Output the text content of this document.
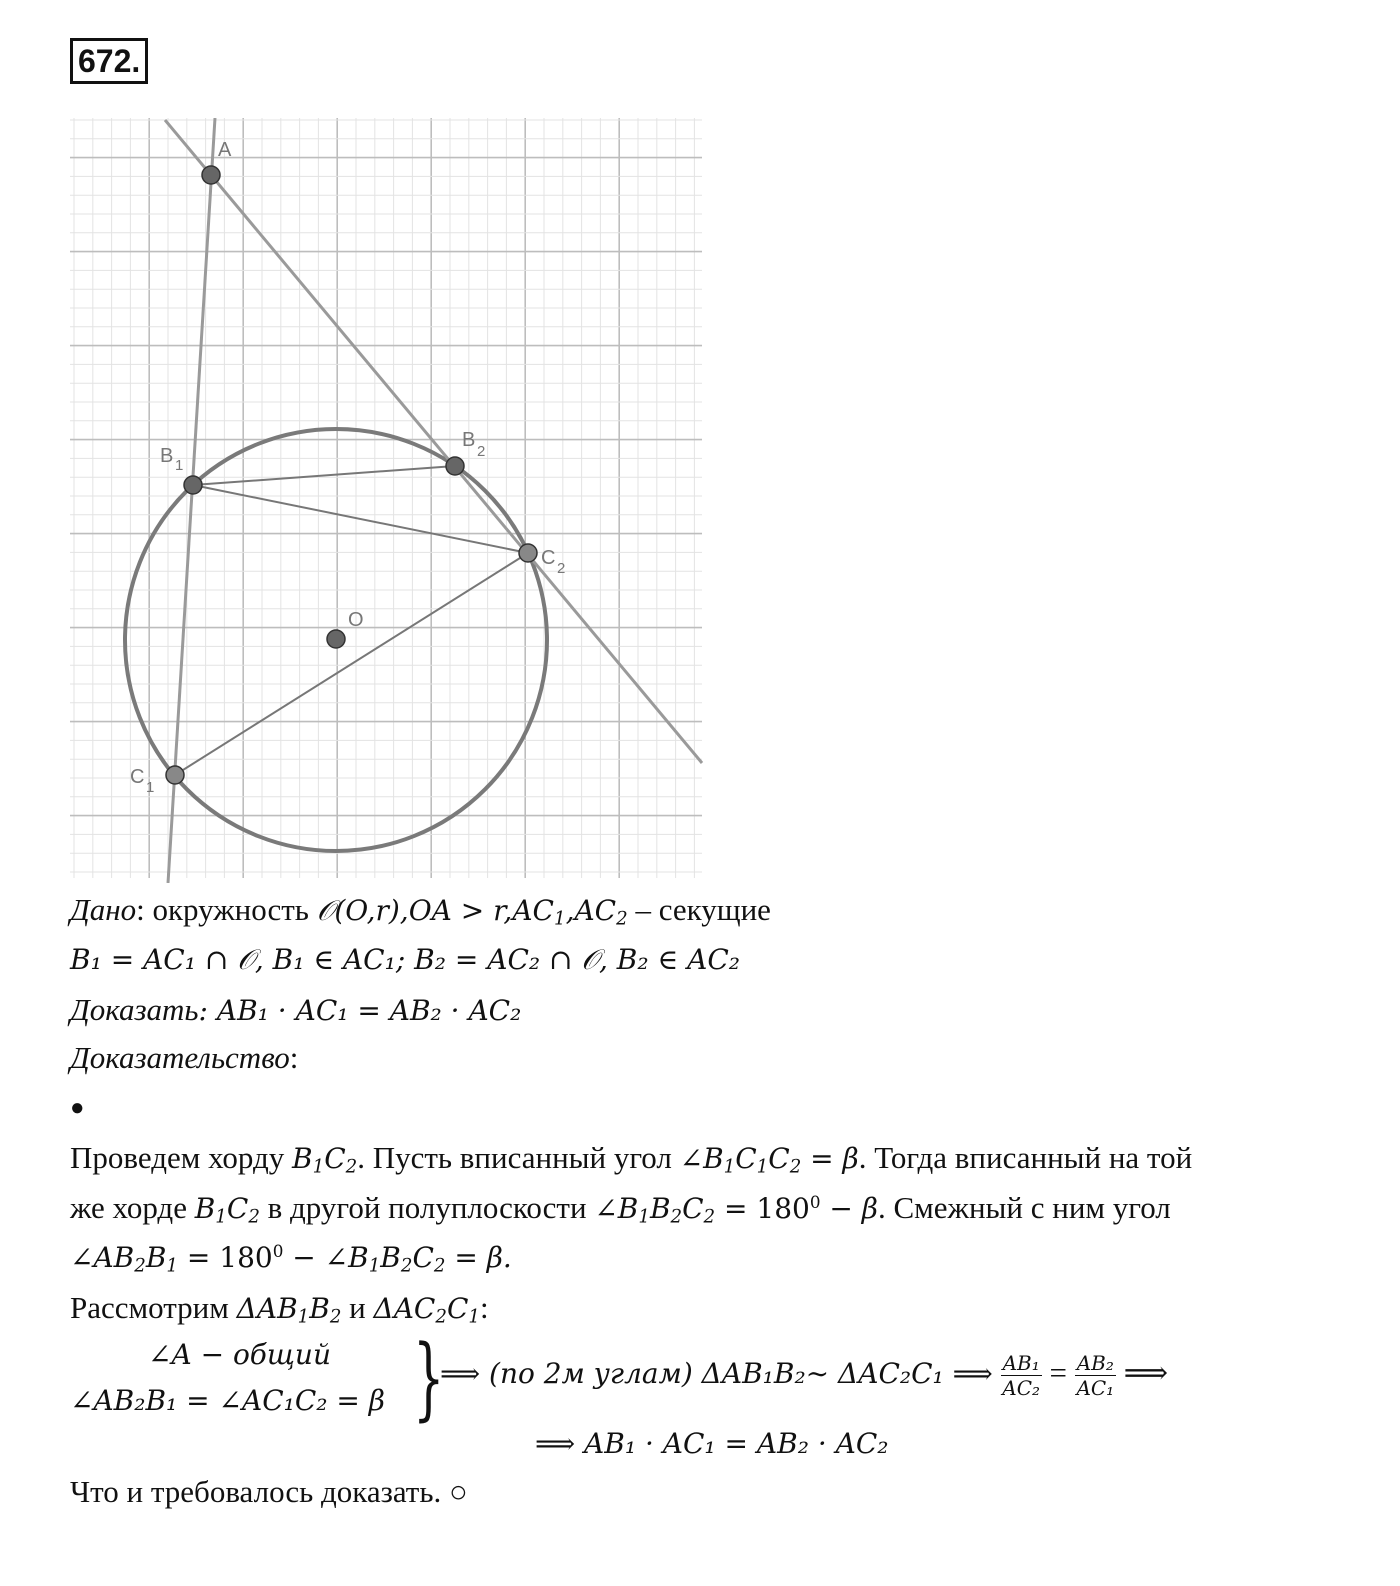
672.
A
B 1
B
2
C 2
O
C 1
Дано: окружность 𝒪(O,r),OA > $r,AC_1,AC_2$ – секущие
B₁ = AC₁ ∩ 𝒪, B₁ ∈ AC₁; B₂ = AC₂ ∩ 𝒪, B₂ ∈ AC₂
Доказать: AB₁ · AC₁ = AB₂ · AC₂
Доказательство:
●
Проведем хорду $B_1C_2$. Пусть вписанный угол $\angle B_1C_1C_2 = \beta$. Тогда вписанный на той
же хорде $B_1C_2$ в другой полуплоскости $\angle B_1B_2C_2 = 180^0 - \beta$. Смежный с ним угол
$\angle AB_2B_1 = 180^0$ − $\angle B_1B_2C_2 = \beta$.
Рассмотрим $\Delta AB_1B_2$ и $\Delta AC_2C_1$:
∠A − общий
∠AB₂B₁ = ∠AC₁C₂ = β }
⟹ (по 2м углам) ΔAB₁B₂∼ ΔAC₂C₁ ⟹ $\frac{\text{AB₁}}{\text{AC₂}} = \frac{\text{AB₂}}{\text{AC₁}}$ ⟹
⟹ AB₁ · AC₁ = AB₂ · AC₂
Что и требовалось доказать. ○
